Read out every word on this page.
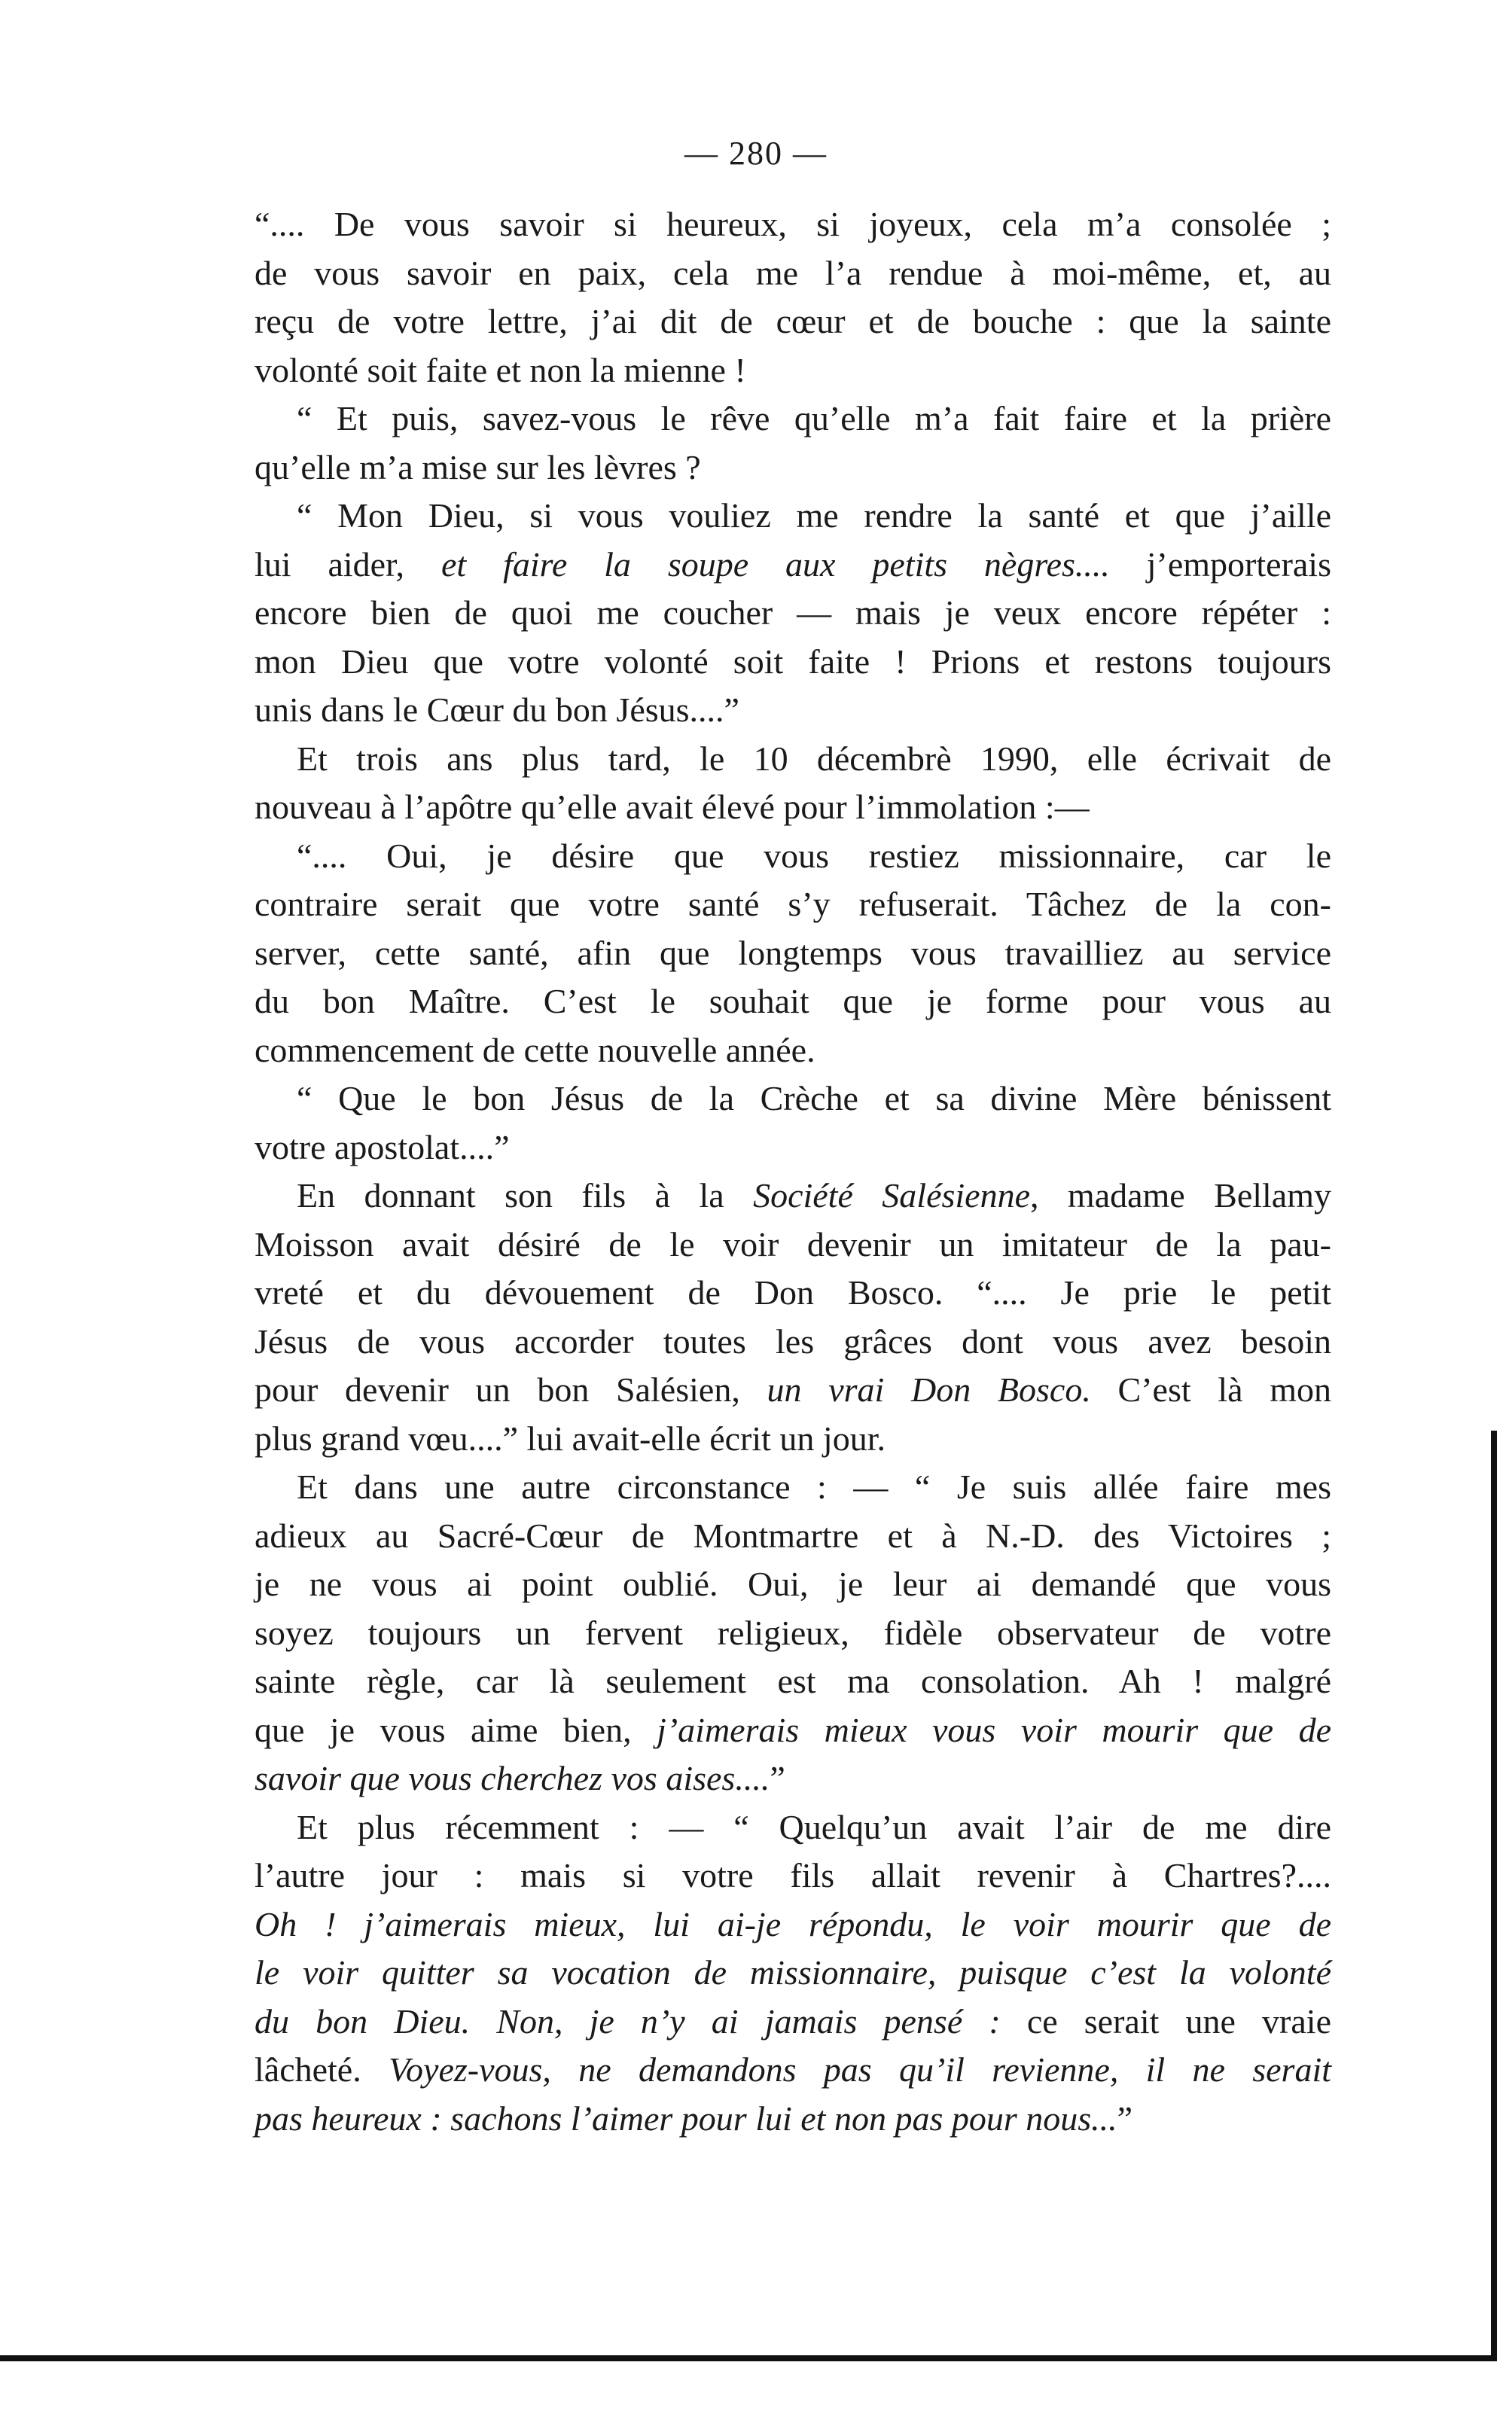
— 280 —
“.... De vous savoir si heureux, si joyeux, cela m’a consolée ;
de vous savoir en paix, cela me l’a rendue à moi-même, et, au
reçu de votre lettre, j’ai dit de cœur et de bouche : que la sainte
volonté soit faite et non la mienne !
“ Et puis, savez-vous le rêve qu’elle m’a fait faire et la prière
qu’elle m’a mise sur les lèvres ?
“ Mon Dieu, si vous vouliez me rendre la santé et que j’aille
lui aider, et faire la soupe aux petits nègres.... j’emporterais
encore bien de quoi me coucher — mais je veux encore répéter :
mon Dieu que votre volonté soit faite ! Prions et restons toujours
unis dans le Cœur du bon Jésus....”
Et trois ans plus tard, le 10 décembrè 1990, elle écrivait de
nouveau à l’apôtre qu’elle avait élevé pour l’immolation :—
“.... Oui, je désire que vous restiez missionnaire, car le
contraire serait que votre santé s’y refuserait. Tâchez de la con-
server, cette santé, afin que longtemps vous travailliez au service
du bon Maître. C’est le souhait que je forme pour vous au
commencement de cette nouvelle année.
“ Que le bon Jésus de la Crèche et sa divine Mère bénissent
votre apostolat....”
En donnant son fils à la Société Salésienne, madame Bellamy
Moisson avait désiré de le voir devenir un imitateur de la pau-
vreté et du dévouement de Don Bosco. “.... Je prie le petit
Jésus de vous accorder toutes les grâces dont vous avez besoin
pour devenir un bon Salésien, un vrai Don Bosco. C’est là mon
plus grand vœu....” lui avait-elle écrit un jour.
Et dans une autre circonstance : — “ Je suis allée faire mes
adieux au Sacré-Cœur de Montmartre et à N.-D. des Victoires ;
je ne vous ai point oublié. Oui, je leur ai demandé que vous
soyez toujours un fervent religieux, fidèle observateur de votre
sainte règle, car là seulement est ma consolation. Ah ! malgré
que je vous aime bien, j’aimerais mieux vous voir mourir que de
savoir que vous cherchez vos aises....”
Et plus récemment : — “ Quelqu’un avait l’air de me dire
l’autre jour : mais si votre fils allait revenir à Chartres?....
Oh ! j’aimerais mieux, lui ai-je répondu, le voir mourir que de
le voir quitter sa vocation de missionnaire, puisque c’est la volonté
du bon Dieu. Non, je n’y ai jamais pensé : ce serait une vraie
lâcheté. Voyez-vous, ne demandons pas qu’il revienne, il ne serait
pas heureux : sachons l’aimer pour lui et non pas pour nous...”
